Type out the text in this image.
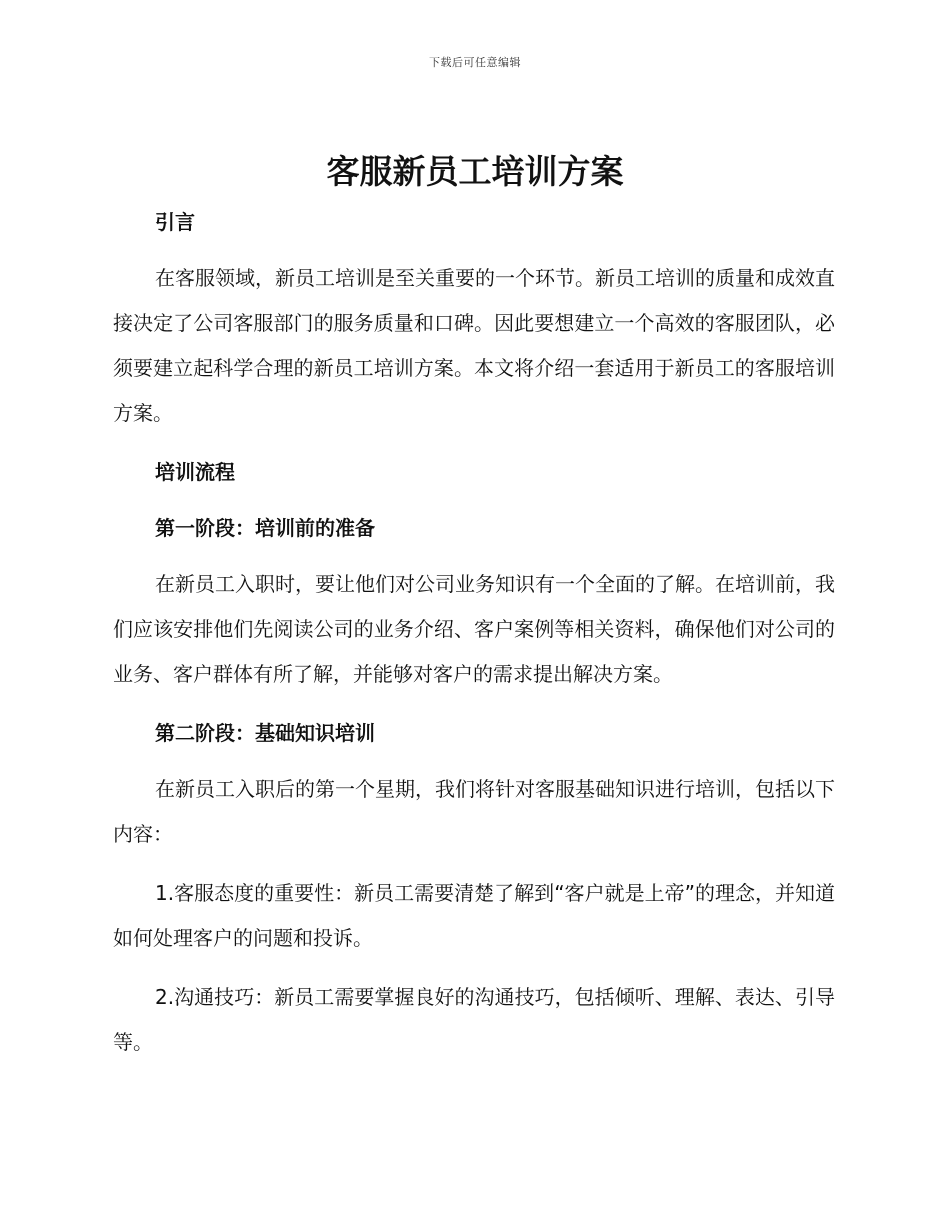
下载后可任意编辑
客服新员工培训方案

引言

在客服领域，新员工培训是至关重要的一个环节。新员工培训的质量和成效直接决定了公司客服部门的服务质量和口碑。因此要想建立一个高效的客服团队，必须要建立起科学合理的新员工培训方案。本文将介绍一套适用于新员工的客服培训方案。

培训流程

第一阶段：培训前的准备

在新员工入职时，要让他们对公司业务知识有一个全面的了解。在培训前，我们应该安排他们先阅读公司的业务介绍、客户案例等相关资料，确保他们对公司的业务、客户群体有所了解，并能够对客户的需求提出解决方案。

第二阶段：基础知识培训

在新员工入职后的第一个星期，我们将针对客服基础知识进行培训，包括以下内容：

1.客服态度的重要性：新员工需要清楚了解到“客户就是上帝”的理念，并知道如何处理客户的问题和投诉。

2.沟通技巧：新员工需要掌握良好的沟通技巧，包括倾听、理解、表达、引导等。
